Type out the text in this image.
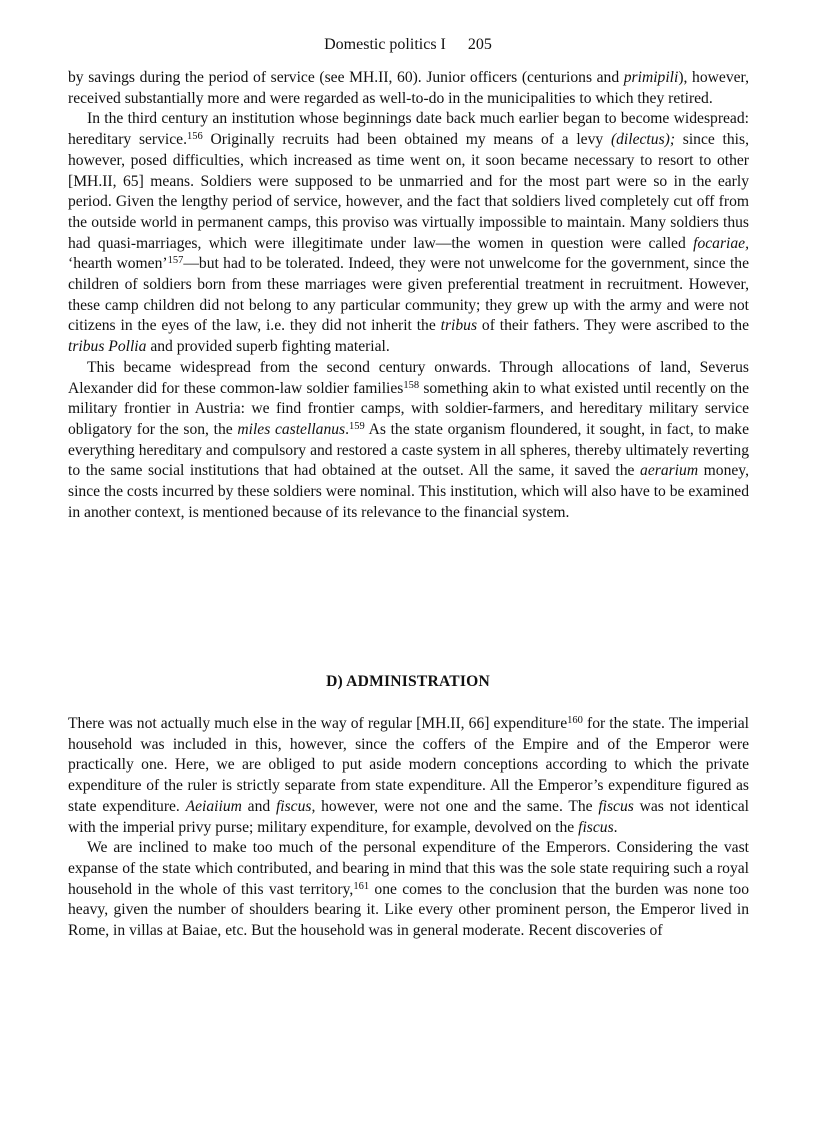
Domestic politics I 205

by savings during the period of service (see MH.II, 60). Junior officers (centurions and primipili), however, received substantially more and were regarded as well-to-do in the municipalities to which they retired.

In the third century an institution whose beginnings date back much earlier began to become widespread: hereditary service.$^{156}$ Originally recruits had been obtained my means of a levy (dilectus); since this, however, posed difficulties, which increased as time went on, it soon became necessary to resort to other [MH.II, 65] means. Soldiers were supposed to be unmarried and for the most part were so in the early period. Given the lengthy period of service, however, and the fact that soldiers lived completely cut off from the outside world in permanent camps, this proviso was virtually impossible to maintain. Many soldiers thus had quasi-marriages, which were illegitimate under law—the women in question were called focariae, ‘hearth women’$^{157}$—but had to be tolerated. Indeed, they were not unwelcome for the government, since the children of soldiers born from these marriages were given preferential treatment in recruitment. However, these camp children did not belong to any particular community; they grew up with the army and were not citizens in the eyes of the law, i.e. they did not inherit the tribus of their fathers. They were ascribed to the tribus Pollia and provided superb fighting material.

This became widespread from the second century onwards. Through allocations of land, Severus Alexander did for these common-law soldier families$^{158}$ something akin to what existed until recently on the military frontier in Austria: we find frontier camps, with soldier-farmers, and hereditary military service obligatory for the son, the miles castellanus.$^{159}$ As the state organism floundered, it sought, in fact, to make everything hereditary and compulsory and restored a caste system in all spheres, thereby ultimately reverting to the same social institutions that had obtained at the outset. All the same, it saved the aerarium money, since the costs incurred by these soldiers were nominal. This institution, which will also have to be examined in another context, is mentioned because of its relevance to the financial system.

D) ADMINISTRATION

There was not actually much else in the way of regular [MH.II, 66] expenditure$^{160}$ for the state. The imperial household was included in this, however, since the coffers of the Empire and of the Emperor were practically one. Here, we are obliged to put aside modern conceptions according to which the private expenditure of the ruler is strictly separate from state expenditure. All the Emperor’s expenditure figured as state expenditure. Aeiaiium and fiscus, however, were not one and the same. The fiscus was not identical with the imperial privy purse; military expenditure, for example, devolved on the fiscus.

We are inclined to make too much of the personal expenditure of the Emperors. Considering the vast expanse of the state which contributed, and bearing in mind that this was the sole state requiring such a royal household in the whole of this vast territory,$^{161}$ one comes to the conclusion that the burden was none too heavy, given the number of shoulders bearing it. Like every other prominent person, the Emperor lived in Rome, in villas at Baiae, etc. But the household was in general moderate. Recent discoveries of
